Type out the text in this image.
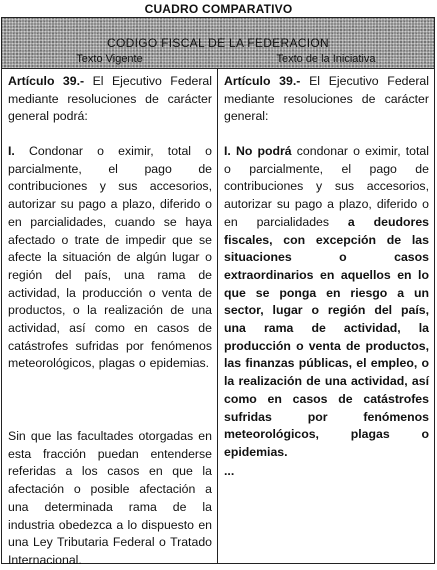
CUADRO COMPARATIVO
CODIGO FISCAL DE LA FEDERACION
Texto Vigente	Texto de la Iniciativa

Artículo 39.- El Ejecutivo Federal mediante resoluciones de carácter general podrá:

I. Condonar o eximir, total o parcialmente, el pago de contribuciones y sus accesorios, autorizar su pago a plazo, diferido o en parcialidades, cuando se haya afectado o trate de impedir que se afecte la situación de algún lugar o región del país, una rama de actividad, la producción o venta de productos, o la realización de una actividad, así como en casos de catástrofes sufridas por fenómenos meteorológicos, plagas o epidemias.

Sin que las facultades otorgadas en esta fracción puedan entenderse referidas a los casos en que la afectación o posible afectación a una determinada rama de la industria obedezca a lo dispuesto en una Ley Tributaria Federal o Tratado Internacional.

Artículo 39.- El Ejecutivo Federal mediante resoluciones de carácter general:

I. No podrá condonar o eximir, total o parcialmente, el pago de contribuciones y sus accesorios, autorizar su pago a plazo, diferido o en parcialidades a deudores fiscales, con excepción de las situaciones o casos extraordinarios en aquellos en lo que se ponga en riesgo a un sector, lugar o región del país, una rama de actividad, la producción o venta de productos, las finanzas públicas, el empleo, o la realización de una actividad, así como en casos de catástrofes sufridas por fenómenos meteorológicos, plagas o epidemias.

...
